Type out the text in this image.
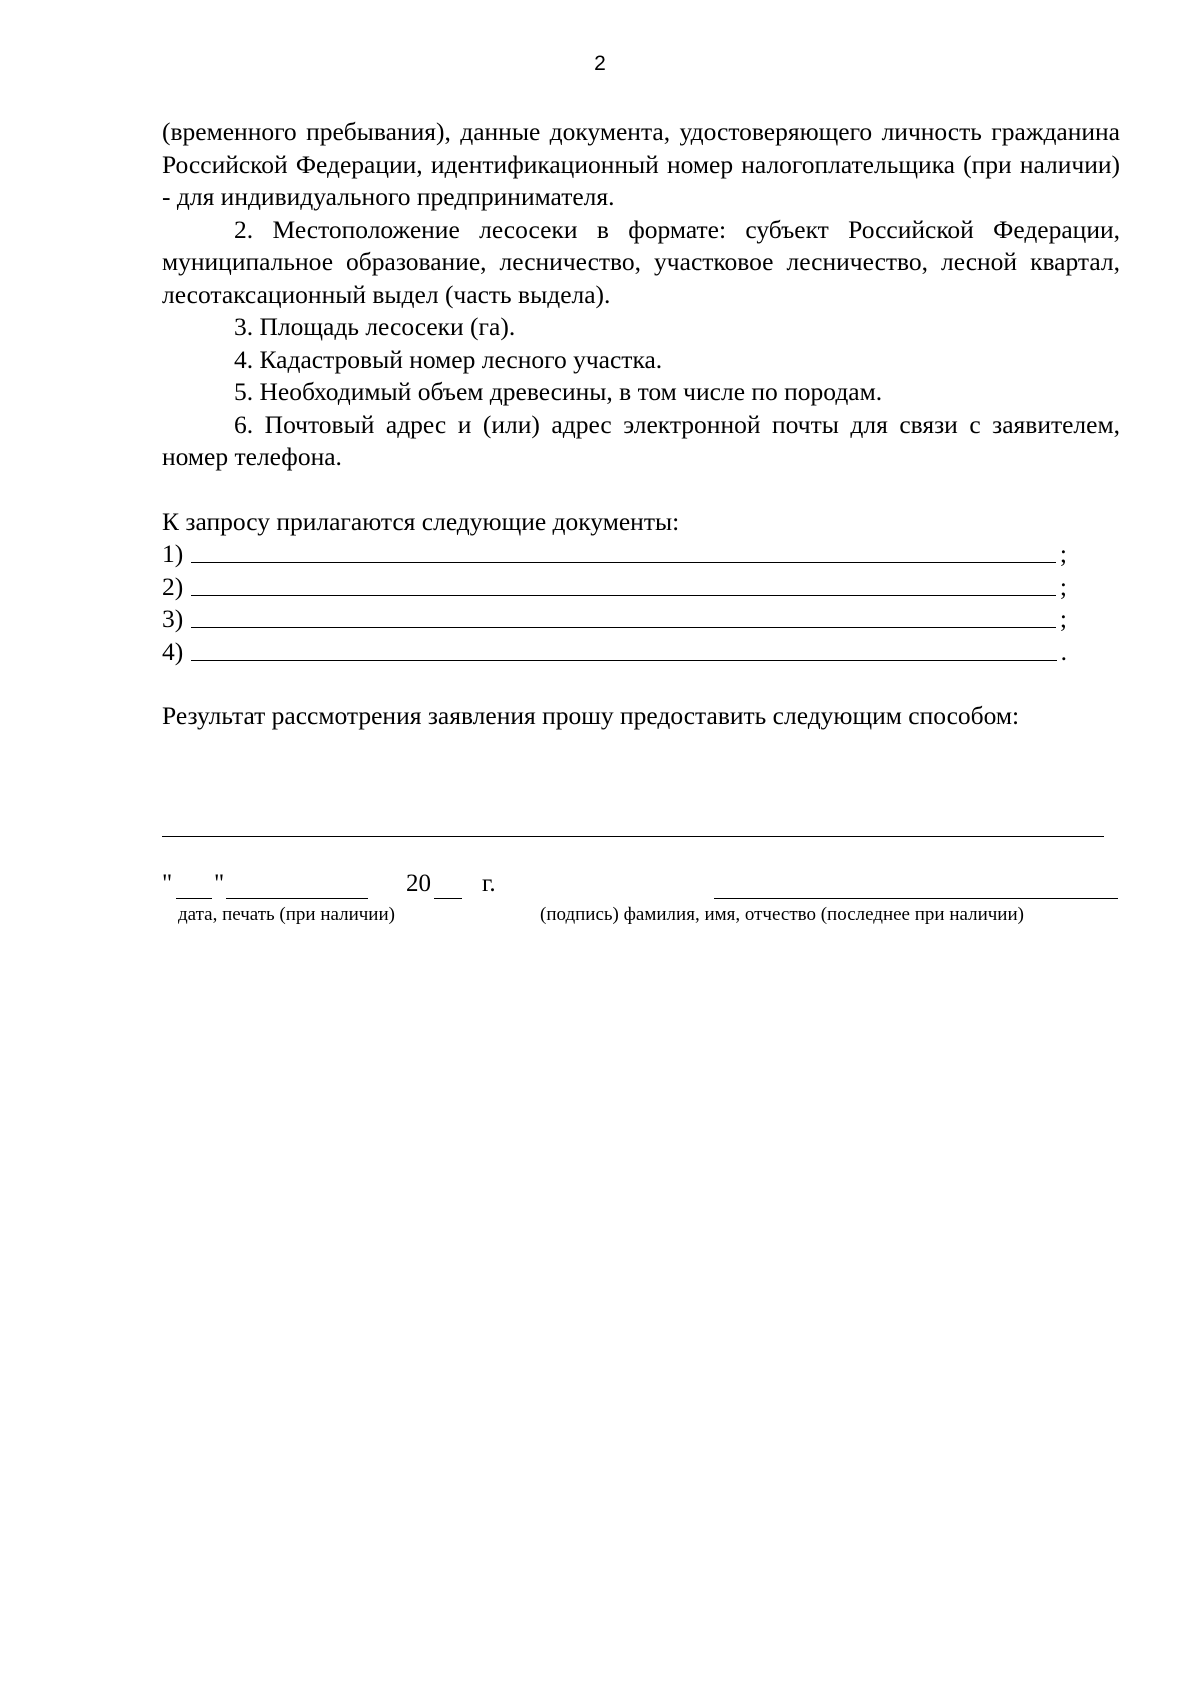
2

(временного пребывания), данные документа, удостоверяющего личность гражданина Российской Федерации, идентификационный номер налогоплательщика (при наличии) - для индивидуального предпринимателя.

2. Местоположение лесосеки в формате: субъект Российской Федерации, муниципальное образование, лесничество, участковое лесничество, лесной квартал, лесотаксационный выдел (часть выдела).

3. Площадь лесосеки (га).

4. Кадастровый номер лесного участка.

5. Необходимый объем древесины, в том числе по породам.

6. Почтовый адрес и (или) адрес электронной почты для связи с заявителем, номер телефона.

К запросу прилагаются следующие документы:

1)	;
2)	;
3)	;
4)	.

Результат рассмотрения заявления прошу предоставить следующим способом:

" "	20 г.
дата, печать (при наличии)	(подпись) фамилия, имя, отчество (последнее при наличии)
